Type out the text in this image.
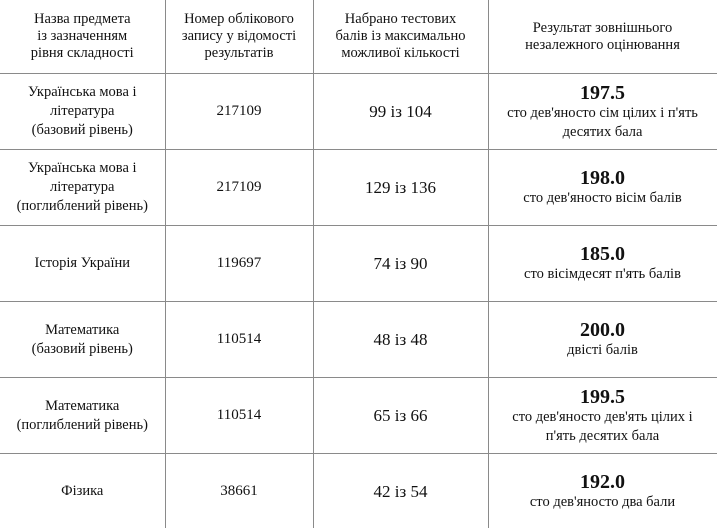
Назва предмета
із зазначенням
рівня складності	Номер облікового
запису у відомості
результатів	Набрано тестових
балів із максимально
можливої кількості	Результат зовнішнього
незалежного оцінювання
Українська мова і
література
(базовий рівень)	217109	99 із 104	197.5
сто дев'яносто сім цілих і п'ять
десятих бала

Українська мова і
література
(поглиблений рівень)	217109	129 із 136	198.0
сто дев'яносто вісім балів

Історія України	119697	74 із 90	185.0
сто вісімдесят п'ять балів

Математика
(базовий рівень)	110514	48 із 48	200.0
двісті балів

Математика
(поглиблений рівень)	110514	65 із 66	199.5
сто дев'яносто дев'ять цілих і
п'ять десятих бала

Фізика	38661	42 із 54	192.0
сто дев'яносто два бали
